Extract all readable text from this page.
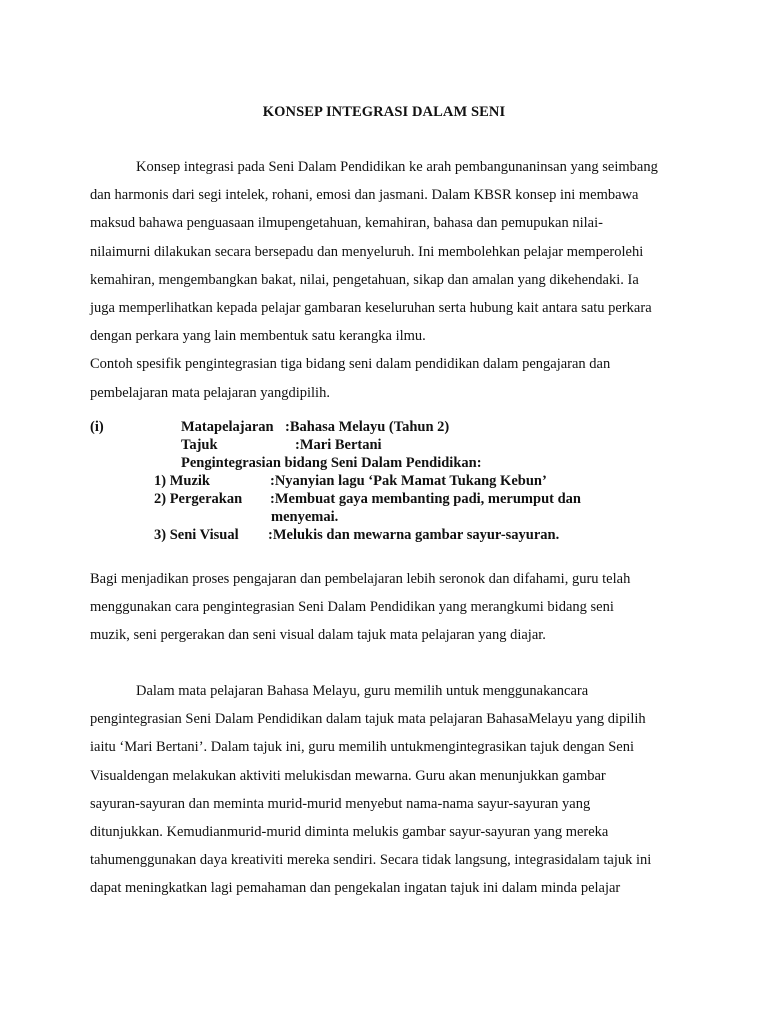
KONSEP INTEGRASI DALAM SENI
Konsep integrasi pada Seni Dalam Pendidikan ke arah pembangunaninsan yang seimbang
dan harmonis dari segi intelek, rohani, emosi dan jasmani. Dalam KBSR konsep ini membawa
maksud bahawa penguasaan ilmupengetahuan, kemahiran, bahasa dan pemupukan nilai-
nilaimurni dilakukan secara bersepadu dan menyeluruh. Ini membolehkan pelajar memperolehi
kemahiran, mengembangkan bakat, nilai, pengetahuan, sikap dan amalan yang dikehendaki. Ia
juga memperlihatkan kepada pelajar gambaran keseluruhan serta hubung kait antara satu perkara
dengan perkara yang lain membentuk satu kerangka ilmu.
Contoh spesifik pengintegrasian tiga bidang seni dalam pendidikan dalam pengajaran dan
pembelajaran mata pelajaran yangdipilih.
(i)	Matapelajaran :Bahasa Melayu (Tahun 2)
Tajuk	:Mari Bertani
Pengintegrasian bidang Seni Dalam Pendidikan:
1) Muzik	:Nyanyian lagu ‘Pak Mamat Tukang Kebun’
2) Pergerakan :Membuat gaya membanting padi, merumput dan
menyemai.
3) Seni Visual :Melukis dan mewarna gambar sayur-sayuran.
Bagi menjadikan proses pengajaran dan pembelajaran lebih seronok dan difahami, guru telah
menggunakan cara pengintegrasian Seni Dalam Pendidikan yang merangkumi bidang seni
muzik, seni pergerakan dan seni visual dalam tajuk mata pelajaran yang diajar.
Dalam mata pelajaran Bahasa Melayu, guru memilih untuk menggunakancara
pengintegrasian Seni Dalam Pendidikan dalam tajuk mata pelajaran BahasaMelayu yang dipilih
iaitu ‘Mari Bertani’. Dalam tajuk ini, guru memilih untukmengintegrasikan tajuk dengan Seni
Visualdengan melakukan aktiviti melukisdan mewarna. Guru akan menunjukkan gambar
sayuran-sayuran dan meminta murid-murid menyebut nama-nama sayur-sayuran yang
ditunjukkan. Kemudianmurid-murid diminta melukis gambar sayur-sayuran yang mereka
tahumenggunakan daya kreativiti mereka sendiri. Secara tidak langsung, integrasidalam tajuk ini
dapat meningkatkan lagi pemahaman dan pengekalan ingatan tajuk ini dalam minda pelajar
